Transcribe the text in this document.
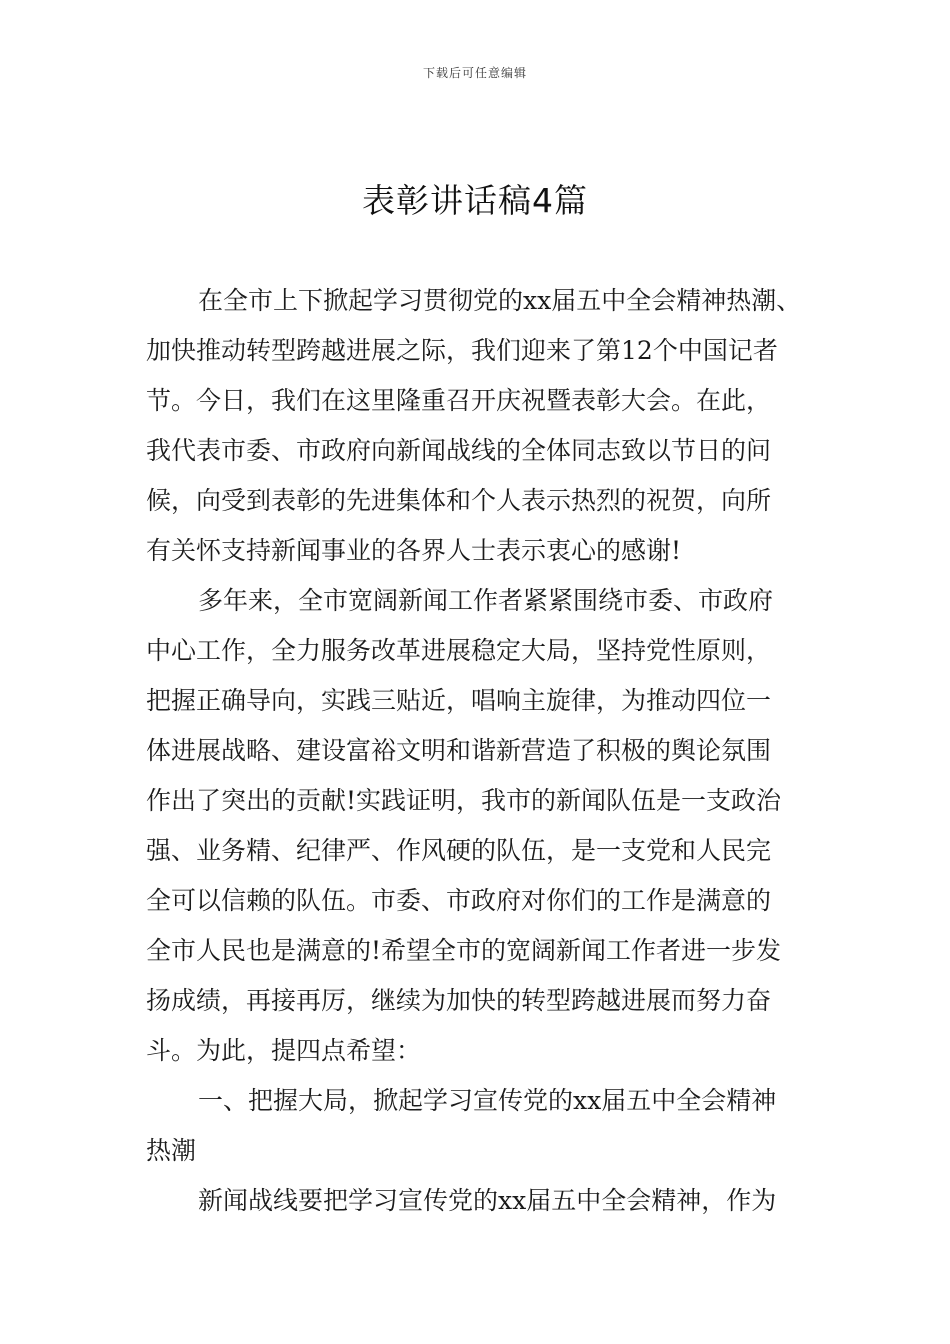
下载后可任意编辑
表彰讲话稿4篇
在全市上下掀起学习贯彻党的xx届五中全会精神热潮、
加快推动转型跨越进展之际，我们迎来了第12个中国记者
节。今日，我们在这里隆重召开庆祝暨表彰大会。在此，
我代表市委、市政府向新闻战线的全体同志致以节日的问
候，向受到表彰的先进集体和个人表示热烈的祝贺，向所
有关怀支持新闻事业的各界人士表示衷心的感谢!
多年来，全市宽阔新闻工作者紧紧围绕市委、市政府
中心工作，全力服务改革进展稳定大局，坚持党性原则，
把握正确导向，实践三贴近，唱响主旋律，为推动四位一
体进展战略、建设富裕文明和谐新营造了积极的舆论氛围
作出了突出的贡献!实践证明，我市的新闻队伍是一支政治
强、业务精、纪律严、作风硬的队伍，是一支党和人民完
全可以信赖的队伍。市委、市政府对你们的工作是满意的
全市人民也是满意的!希望全市的宽阔新闻工作者进一步发
扬成绩，再接再厉，继续为加快的转型跨越进展而努力奋
斗。为此，提四点希望：
一、把握大局，掀起学习宣传党的xx届五中全会精神
热潮
新闻战线要把学习宣传党的xx届五中全会精神，作为
